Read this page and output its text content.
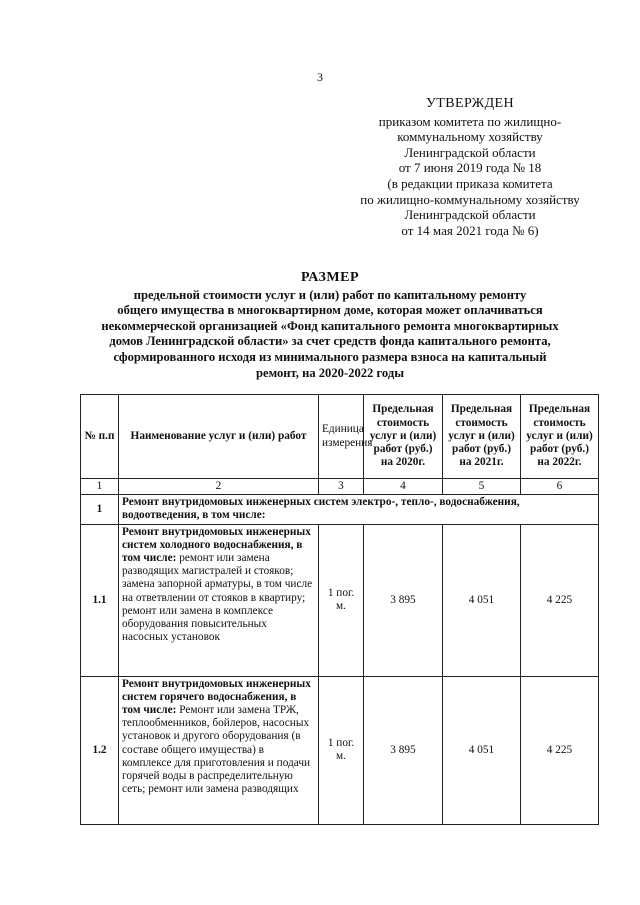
3
УТВЕРЖДЕН
приказом комитета по жилищно-
коммунальному хозяйству
Ленинградской области
от 7 июня 2019 года № 18
(в редакции приказа комитета
по жилищно-коммунальному хозяйству
Ленинградской области
от 14 мая 2021 года № 6)
РАЗМЕР
предельной стоимости услуг и (или) работ по капитальному ремонту
общего имущества в многоквартирном доме, которая может оплачиваться
некоммерческой организацией «Фонд капитального ремонта многоквартирных
домов Ленинградской области» за счет средств фонда капитального ремонта,
сформированного исходя из минимального размера взноса на капитальный
ремонт, на 2020-2022 годы
№ п.п	Наименование услуг и (или) работ	Единица измерения	Предельная стоимость услуг и (или) работ (руб.) на 2020г.	Предельная стоимость услуг и (или) работ (руб.) на 2021г.	Предельная стоимость услуг и (или) работ (руб.) на 2022г.
1	2	3	4	5	6
1	Ремонт внутридомовых инженерных систем электро-, тепло-, водоснабжения, водоотведения, в том числе:				
1.1	Ремонт внутридомовых инженерных систем холодного водоснабжения, в том числе: ремонт или замена разводящих магистралей и стояков; замена запорной арматуры, в том числе на ответвлении от стояков в квартиру; ремонт или замена в комплексе оборудования повысительных насосных установок	1 пог. м.	3 895	4 051	4 225
1.2	Ремонт внутридомовых инженерных систем горячего водоснабжения, в том числе: Ремонт или замена ТРЖ, теплообменников, бойлеров, насосных установок и другого оборудования (в составе общего имущества) в комплексе для приготовления и подачи горячей воды в распределительную сеть; ремонт или замена разводящих	1 пог. м.	3 895	4 051	4 225
